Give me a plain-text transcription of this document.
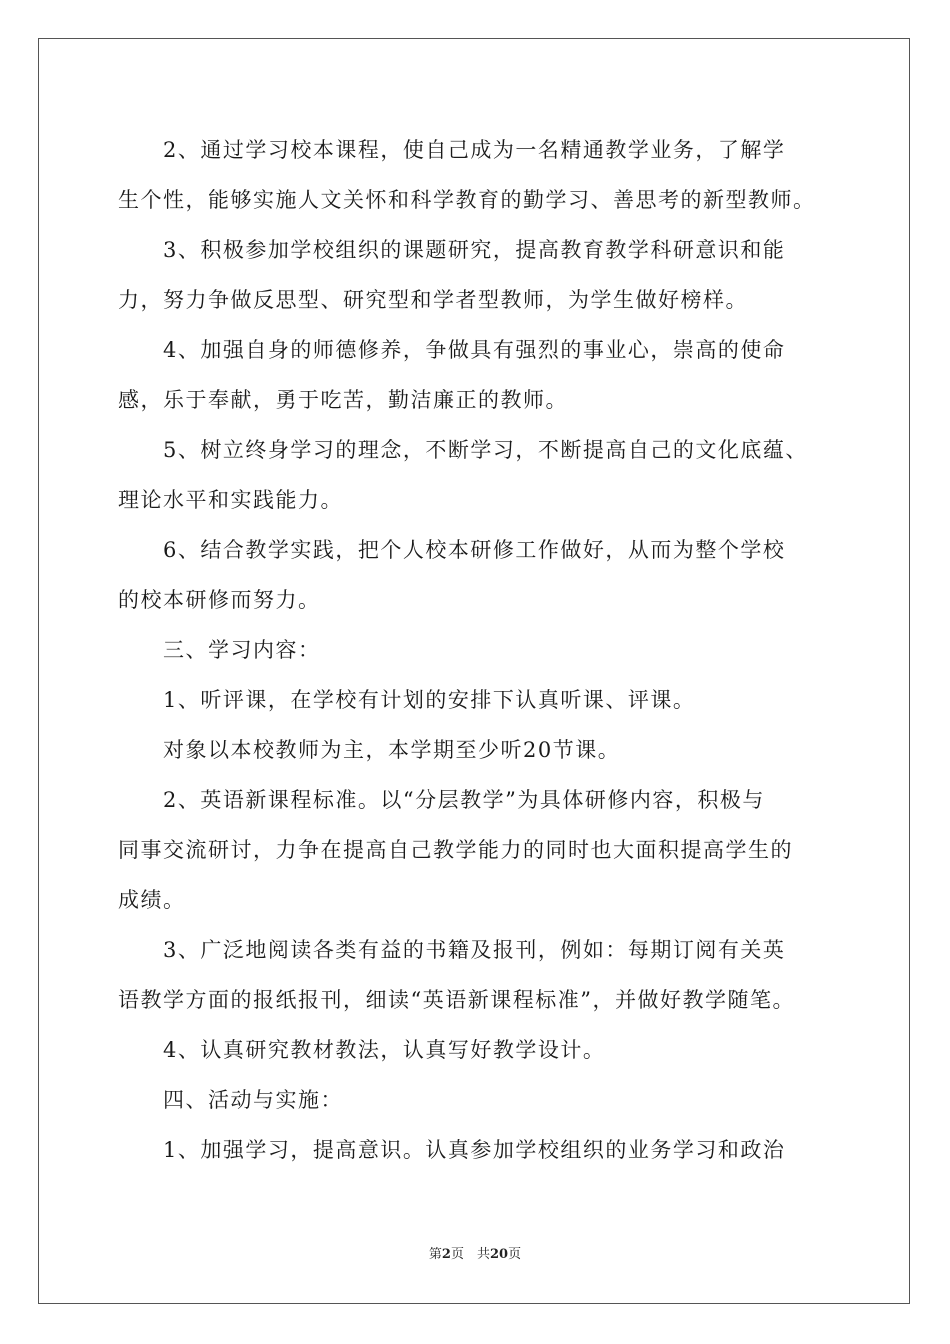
2、通过学习校本课程，使自己成为一名精通教学业务，了解学
生个性，能够实施人文关怀和科学教育的勤学习、善思考的新型教师。
3、积极参加学校组织的课题研究，提高教育教学科研意识和能
力，努力争做反思型、研究型和学者型教师，为学生做好榜样。
4、加强自身的师德修养，争做具有强烈的事业心，崇高的使命
感，乐于奉献，勇于吃苦，勤洁廉正的教师。
5、树立终身学习的理念，不断学习，不断提高自己的文化底蕴、
理论水平和实践能力。
6、结合教学实践，把个人校本研修工作做好，从而为整个学校
的校本研修而努力。
三、学习内容：
1、听评课，在学校有计划的安排下认真听课、评课。
对象以本校教师为主，本学期至少听20节课。
2、英语新课程标准。以“分层教学”为具体研修内容，积极与
同事交流研讨，力争在提高自己教学能力的同时也大面积提高学生的
成绩。
3、广泛地阅读各类有益的书籍及报刊，例如：每期订阅有关英
语教学方面的报纸报刊，细读“英语新课程标准”，并做好教学随笔。
4、认真研究教材教法，认真写好教学设计。
四、活动与实施：
1、加强学习，提高意识。认真参加学校组织的业务学习和政治
第2页　共20页
